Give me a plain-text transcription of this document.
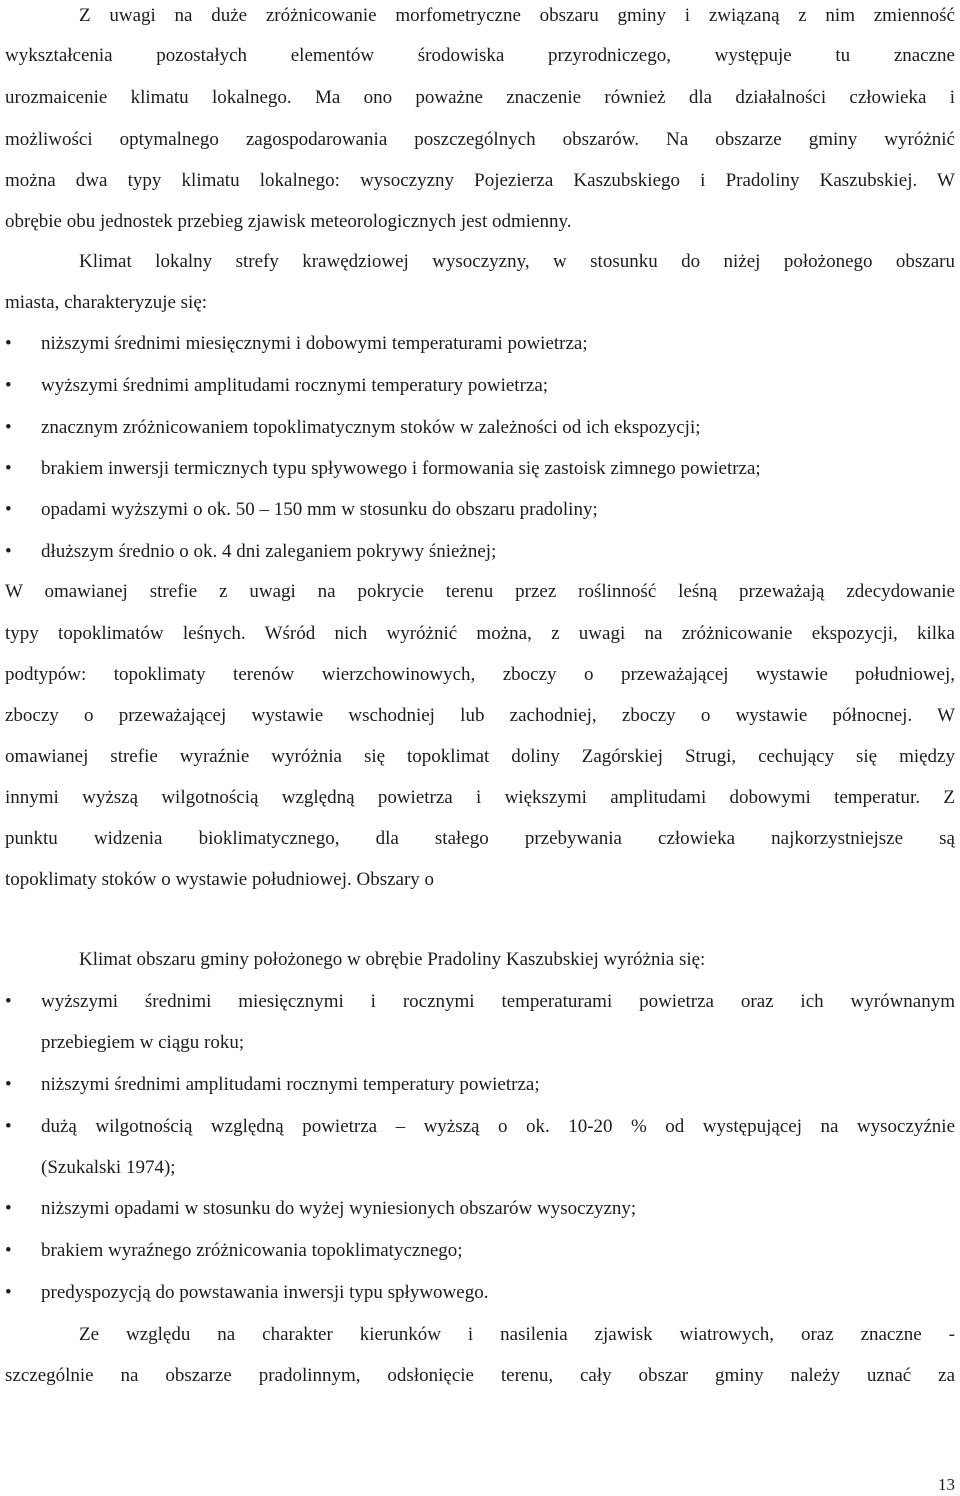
Z uwagi na duże zróżnicowanie morfometryczne obszaru gminy i związaną z nim zmienność
wykształcenia pozostałych elementów środowiska przyrodniczego, występuje tu znaczne
urozmaicenie klimatu lokalnego. Ma ono poważne znaczenie również dla działalności człowieka i
możliwości optymalnego zagospodarowania poszczególnych obszarów. Na obszarze gminy wyróżnić
można dwa typy klimatu lokalnego: wysoczyzny Pojezierza Kaszubskiego i Pradoliny Kaszubskiej. W
obrębie obu jednostek przebieg zjawisk meteorologicznych jest odmienny.
Klimat lokalny strefy krawędziowej wysoczyzny, w stosunku do niżej położonego obszaru
miasta, charakteryzuje się:
• niższymi średnimi miesięcznymi i dobowymi temperaturami powietrza;
• wyższymi średnimi amplitudami rocznymi temperatury powietrza;
• znacznym zróżnicowaniem topoklimatycznym stoków w zależności od ich ekspozycji;
• brakiem inwersji termicznych typu spływowego i formowania się zastoisk zimnego powietrza;
• opadami wyższymi o ok. 50 – 150 mm w stosunku do obszaru pradoliny;
• dłuższym średnio o ok. 4 dni zaleganiem pokrywy śnieżnej;
W omawianej strefie z uwagi na pokrycie terenu przez roślinność leśną przeważają zdecydowanie
typy topoklimatów leśnych. Wśród nich wyróżnić można, z uwagi na zróżnicowanie ekspozycji, kilka
podtypów: topoklimaty terenów wierzchowinowych, zboczy o przeważającej wystawie południowej,
zboczy o przeważającej wystawie wschodniej lub zachodniej, zboczy o wystawie północnej. W
omawianej strefie wyraźnie wyróżnia się topoklimat doliny Zagórskiej Strugi, cechujący się między
innymi wyższą wilgotnością względną powietrza i większymi amplitudami dobowymi temperatur. Z
punktu widzenia bioklimatycznego, dla stałego przebywania człowieka najkorzystniejsze są
topoklimaty stoków o wystawie południowej. Obszary o
Klimat obszaru gminy położonego w obrębie Pradoliny Kaszubskiej wyróżnia się:
• wyższymi średnimi miesięcznymi i rocznymi temperaturami powietrza oraz ich wyrównanym
przebiegiem w ciągu roku;
• niższymi średnimi amplitudami rocznymi temperatury powietrza;
• dużą wilgotnością względną powietrza – wyższą o ok. 10-20 % od występującej na wysoczyźnie
(Szukalski 1974);
• niższymi opadami w stosunku do wyżej wyniesionych obszarów wysoczyzny;
• brakiem wyraźnego zróżnicowania topoklimatycznego;
• predyspozycją do powstawania inwersji typu spływowego.
Ze względu na charakter kierunków i nasilenia zjawisk wiatrowych, oraz znaczne -
szczególnie na obszarze pradolinnym, odsłonięcie terenu, cały obszar gminy należy uznać za
13
